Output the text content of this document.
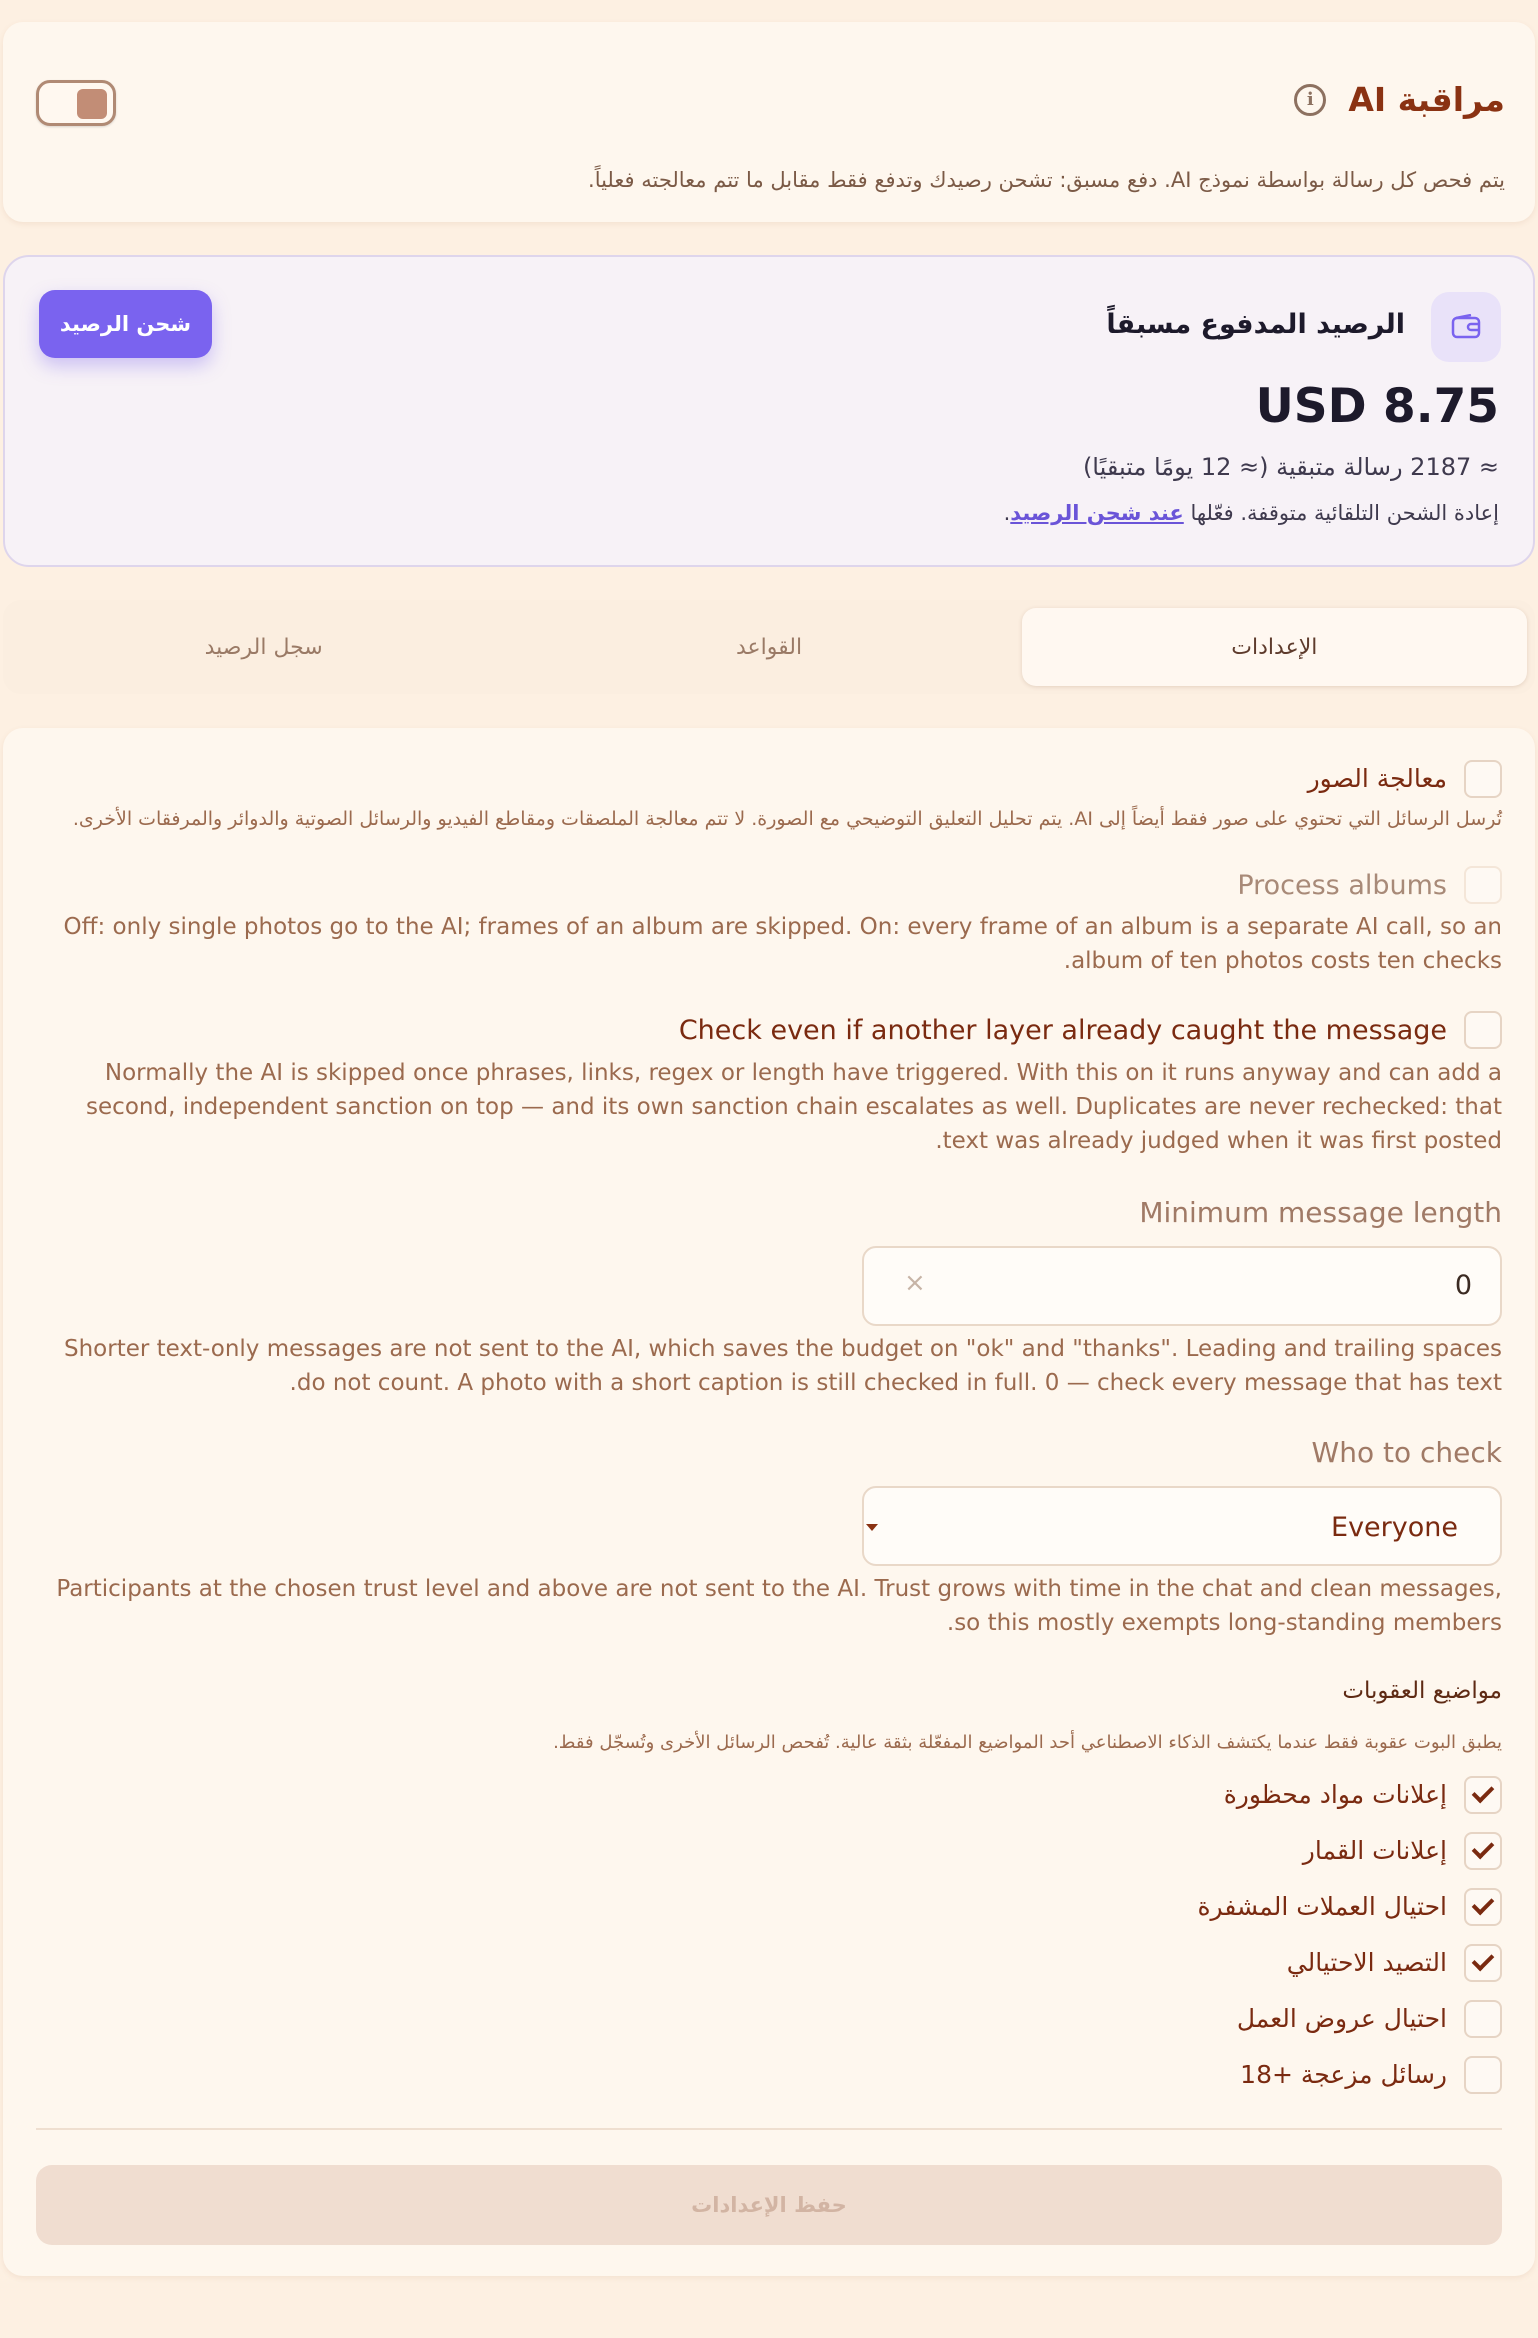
مراقبة AI
i
يتم فحص كل رسالة بواسطة نموذج AI. دفع مسبق: تشحن رصيدك وتدفع فقط مقابل ما تتم معالجته فعلياً.
الرصيد المدفوع مسبقاً
شحن الرصيد
USD 8.75
≈ 2187 رسالة متبقية (≈ 12 يومًا متبقيًا)
إعادة الشحن التلقائية متوقفة. فعّلها عند شحن الرصيد.
الإعدادات
القواعد
سجل الرصيد
معالجة الصور
تُرسل الرسائل التي تحتوي على صور فقط أيضاً إلى AI. يتم تحليل التعليق التوضيحي مع الصورة. لا تتم معالجة الملصقات ومقاطع الفيديو والرسائل الصوتية والدوائر والمرفقات الأخرى.
Process albums
Off: only single photos go to the AI; frames of an album are skipped. On: every frame of an album is a separate AI call, so an album of ten photos costs ten checks.
Check even if another layer already caught the message
Normally the AI is skipped once phrases, links, regex or length have triggered. With this on it runs anyway and can add a second, independent sanction on top — and its own sanction chain escalates as well. Duplicates are never rechecked: that text was already judged when it was first posted.
Minimum message length
0
×
Shorter text-only messages are not sent to the AI, which saves the budget on "ok" and "thanks". Leading and trailing spaces do not count. A photo with a short caption is still checked in full. 0 — check every message that has text.
Who to check
Everyone
Participants at the chosen trust level and above are not sent to the AI. Trust grows with time in the chat and clean messages, so this mostly exempts long-standing members.
مواضيع العقوبات
يطبق البوت عقوبة فقط عندما يكتشف الذكاء الاصطناعي أحد المواضيع المفعّلة بثقة عالية. تُفحص الرسائل الأخرى وتُسجّل فقط.
إعلانات مواد محظورة
إعلانات القمار
احتيال العملات المشفرة
التصيد الاحتيالي
احتيال عروض العمل
رسائل مزعجة +18
حفظ الإعدادات
